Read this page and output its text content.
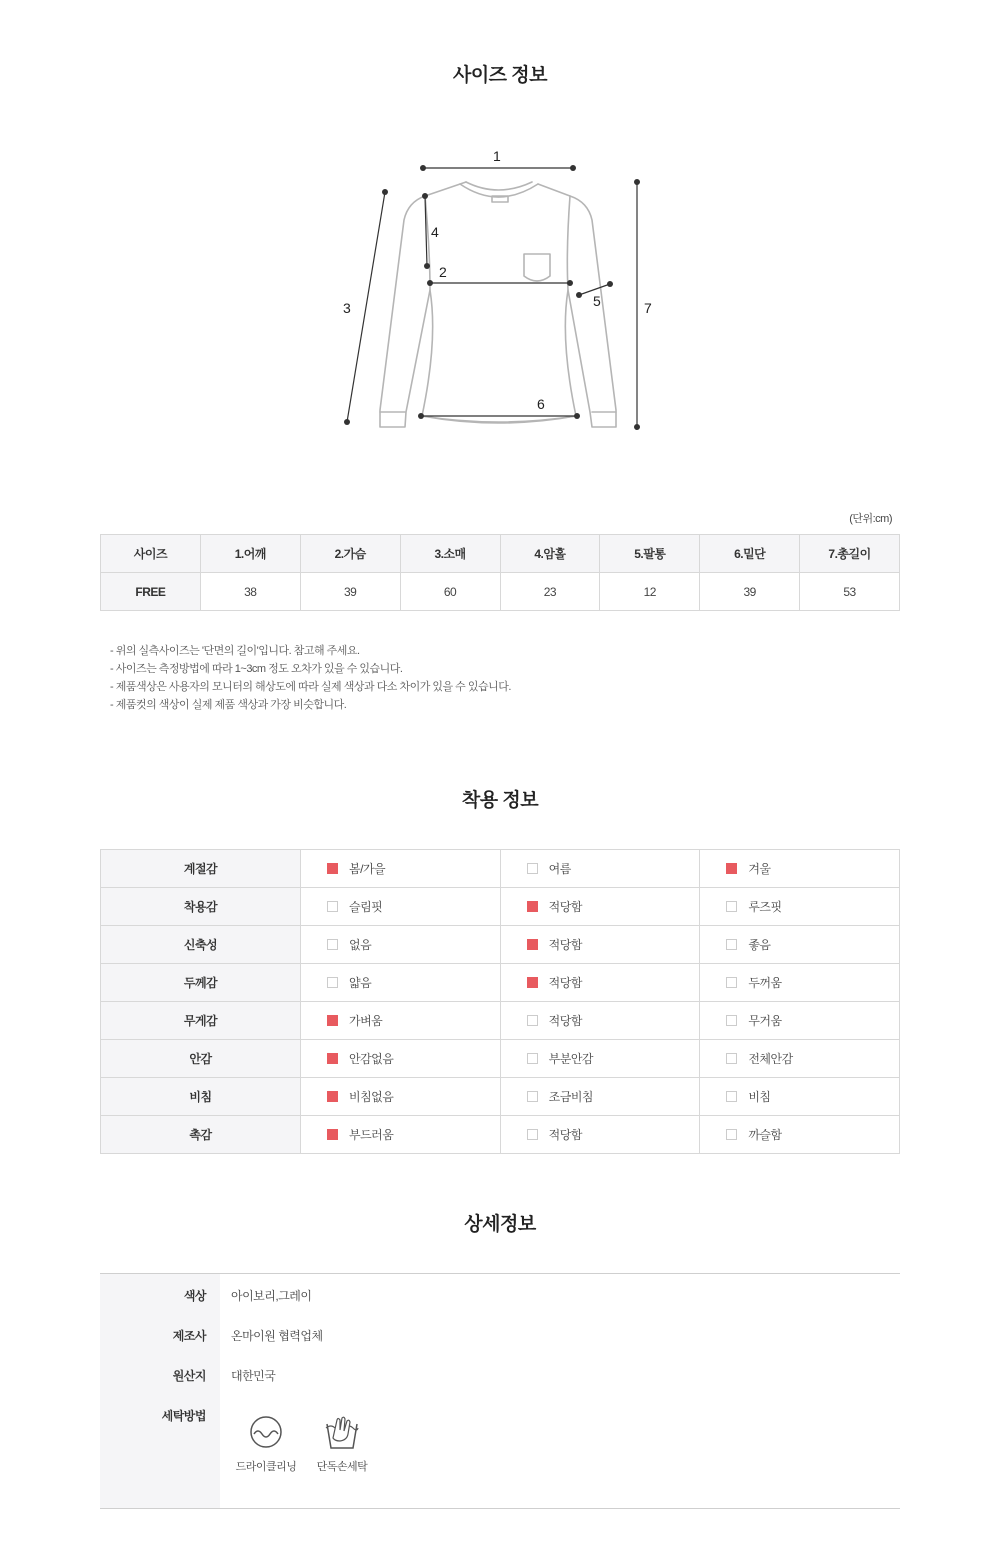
사이즈 정보
1
2
3
4
5
6
7
(단위:cm)
사이즈	1.어깨	2.가슴	3.소매	4.암홀	5.팔통	6.밑단	7.총길이
FREE	38	39	60	23	12	39	53
- 위의 실측사이즈는 '단면의 길이'입니다. 참고해 주세요.
- 사이즈는 측정방법에 따라 1~3cm 정도 오차가 있을 수 있습니다.
- 제품색상은 사용자의 모니터의 해상도에 따라 실제 색상과 다소 차이가 있을 수 있습니다.
- 제품컷의 색상이 실제 제품 색상과 가장 비슷합니다.
착용 정보
계절감	봄/가을	여름	겨울
착용감	슬림핏	적당함	루즈핏
신축성	없음	적당함	좋음
두께감	얇음	적당함	두꺼움
무게감	가벼움	적당함	무거움
안감	안감없음	부분안감	전체안감
비침	비침없음	조금비침	비침
촉감	부드러움	적당함	까슬함
상세정보
색상 아이보리,그레이
제조사 온마이원 협력업체
원산지 대한민국
세탁방법
드라이클리닝	단독손세탁
